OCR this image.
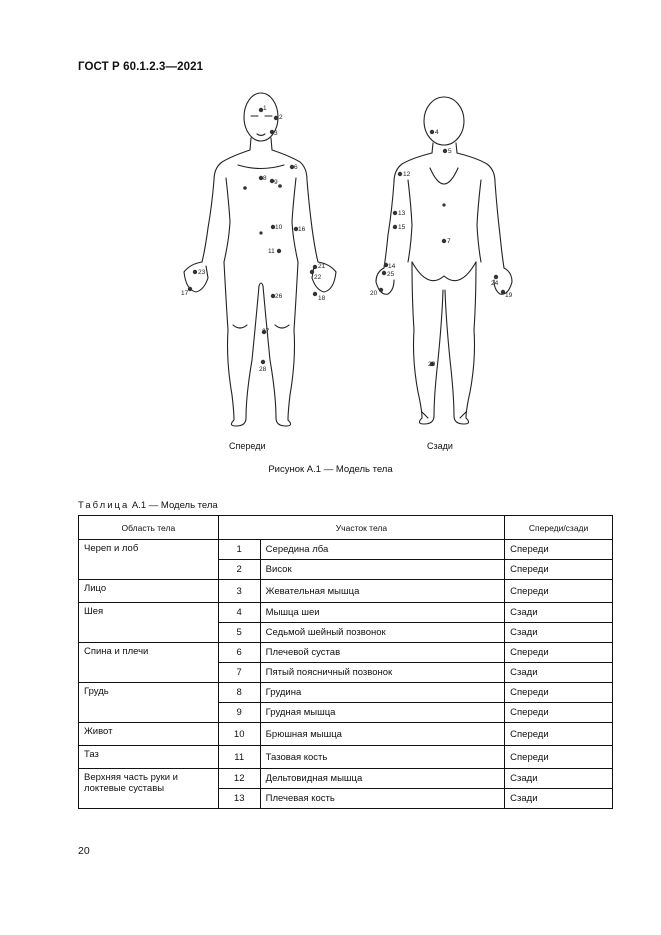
ГОСТ Р 60.1.2.3—2021
1
2
3
6
8
9
10 16
11
21
22
23
17
18
26
27
28
4
5
12
13
15
7
14
25
20
24
19
29
Спереди	Сзади
Рисунок А.1 — Модель тела
Таблица А.1 — Модель тела
Область тела	Участок тела		Спереди/сзади
Череп и лоб	1	Середина лба	Спереди
	2	Висок	Спереди
Лицо	3	Жевательная мышца	Спереди
Шея	4	Мышца шеи	Сзади
	5	Седьмой шейный позвонок	Сзади
Спина и плечи	6	Плечевой сустав	Спереди
	7	Пятый поясничный позвонок	Сзади
Грудь	8	Грудина	Спереди
	9	Грудная мышца	Спереди
Живот	10	Брюшная мышца	Спереди
Таз	11	Тазовая кость	Спереди
Верхняя часть руки и локтевые суставы	12	Дельтовидная мышца	Сзади
	13	Плечевая кость	Сзади
20
